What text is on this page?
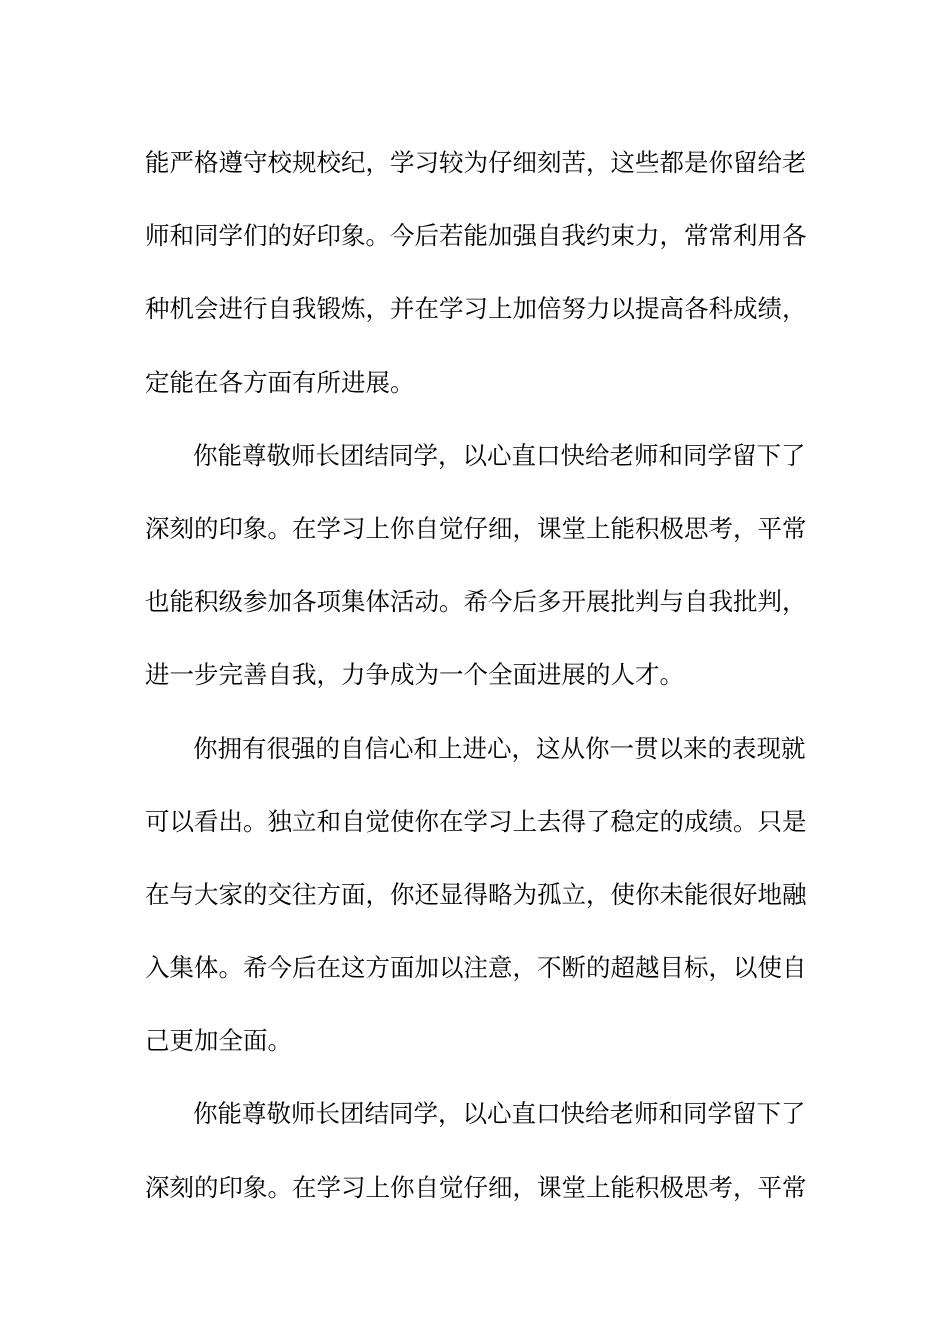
能严格遵守校规校纪，学习较为仔细刻苦，这些都是你留给老
师和同学们的好印象。今后若能加强自我约束力，常常利用各
种机会进行自我锻炼，并在学习上加倍努力以提高各科成绩，
定能在各方面有所进展。
你能尊敬师长团结同学，以心直口快给老师和同学留下了
深刻的印象。在学习上你自觉仔细，课堂上能积极思考，平常
也能积级参加各项集体活动。希今后多开展批判与自我批判，
进一步完善自我，力争成为一个全面进展的人才。
你拥有很强的自信心和上进心，这从你一贯以来的表现就
可以看出。独立和自觉使你在学习上去得了稳定的成绩。只是
在与大家的交往方面，你还显得略为孤立，使你未能很好地融
入集体。希今后在这方面加以注意，不断的超越目标，以使自
己更加全面。
你能尊敬师长团结同学，以心直口快给老师和同学留下了
深刻的印象。在学习上你自觉仔细，课堂上能积极思考，平常
